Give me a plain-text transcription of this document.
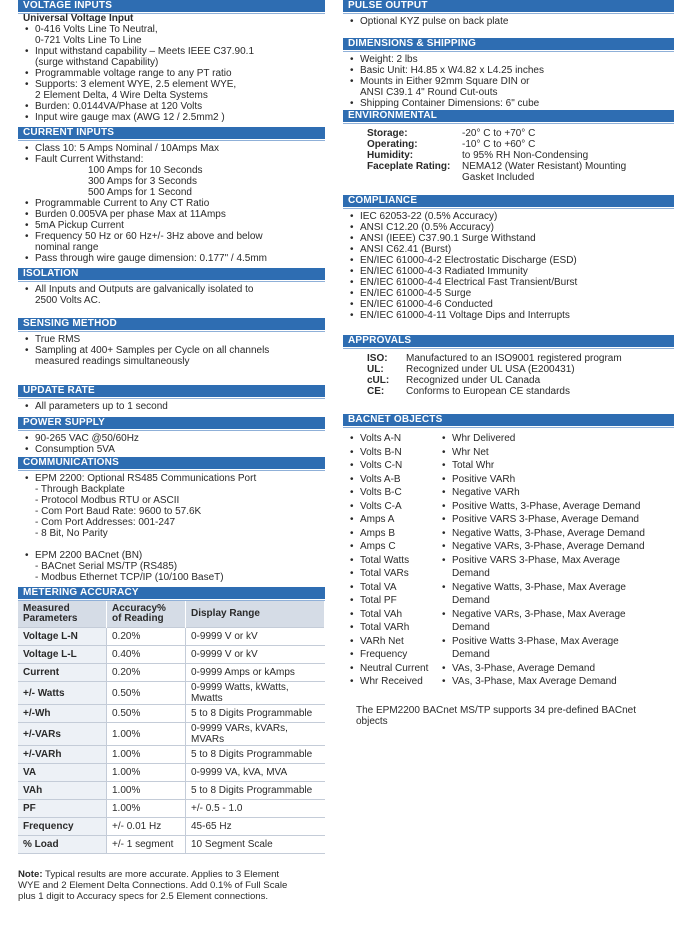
VOLTAGE INPUTS
Universal Voltage Input
• 0-416 Volts Line To Neutral,
0-721 Volts Line To Line
• Input withstand capability – Meets IEEE C37.90.1
(surge withstand Capability)
• Programmable voltage range to any PT ratio
• Supports: 3 element WYE, 2.5 element WYE,
2 Element Delta, 4 Wire Delta Systems
• Burden: 0.0144VA/Phase at 120 Volts
• Input wire gauge max (AWG 12 / 2.5mm2 )
CURRENT INPUTS
• Class 10: 5 Amps Nominal / 10Amps Max
• Fault Current Withstand:
100 Amps for 10 Seconds
300 Amps for 3 Seconds
500 Amps for 1 Second
• Programmable Current to Any CT Ratio
• Burden 0.005VA per phase Max at 11Amps
• 5mA Pickup Current
• Frequency 50 Hz or 60 Hz+/- 3Hz above and below
nominal range
• Pass through wire gauge dimension: 0.177" / 4.5mm
ISOLATION
• All Inputs and Outputs are galvanically isolated to
2500 Volts AC.
SENSING METHOD
• True RMS
• Sampling at 400+ Samples per Cycle on all channels
measured readings simultaneously
UPDATE RATE
• All parameters up to 1 second
POWER SUPPLY
• 90-265 VAC @50/60Hz
• Consumption 5VA
COMMUNICATIONS
• EPM 2200: Optional RS485 Communications Port
- Through Backplate
- Protocol Modbus RTU or ASCII
- Com Port Baud Rate: 9600 to 57.6K
- Com Port Addresses: 001-247
- 8 Bit, No Parity
• EPM 2200 BACnet (BN)
- BACnet Serial MS/TP (RS485)
- Modbus Ethernet TCP/IP (10/100 BaseT)
METERING ACCURACY
Measured
Parameters	Accuracy%
of Reading	Display Range
Voltage L-N	0.20%	0-9999 V or kV
Voltage L-L	0.40%	0-9999 V or kV
Current	0.20%	0-9999 Amps or kAmps
+/- Watts	0.50%	0-9999 Watts, kWatts, Mwatts
+/-Wh	0.50%	5 to 8 Digits Programmable
+/-VARs	1.00%	0-9999 VARs, kVARs, MVARs
+/-VARh	1.00%	5 to 8 Digits Programmable
VA	1.00%	0-9999 VA, kVA, MVA
VAh	1.00%	5 to 8 Digits Programmable
PF	1.00%	+/- 0.5 - 1.0
Frequency	+/- 0.01 Hz	45-65 Hz
% Load	+/- 1 segment	10 Segment Scale
Note: Typical results are more accurate. Applies to 3 Element
WYE and 2 Element Delta Connections. Add 0.1% of Full Scale
plus 1 digit to Accuracy specs for 2.5 Element connections.
PULSE OUTPUT
• Optional KYZ pulse on back plate
DIMENSIONS & SHIPPING
• Weight: 2 lbs
• Basic Unit: H4.85 x W4.82 x L4.25 inches
• Mounts in Either 92mm Square DIN or
ANSI C39.1 4" Round Cut-outs
• Shipping Container Dimensions: 6" cube
ENVIRONMENTAL
Storage:	-20° C to +70° C
Operating:	-10° C to +60° C
Humidity:	to 95% RH Non-Condensing
Faceplate Rating:	NEMA12 (Water Resistant) Mounting
Gasket Included
COMPLIANCE
• IEC 62053-22 (0.5% Accuracy)
• ANSI C12.20 (0.5% Accuracy)
• ANSI (IEEE) C37.90.1 Surge Withstand
• ANSI C62.41 (Burst)
• EN/IEC 61000-4-2 Electrostatic Discharge (ESD)
• EN/IEC 61000-4-3 Radiated Immunity
• EN/IEC 61000-4-4 Electrical Fast Transient/Burst
• EN/IEC 61000-4-5 Surge
• EN/IEC 61000-4-6 Conducted
• EN/IEC 61000-4-11 Voltage Dips and Interrupts
APPROVALS
ISO:	Manufactured to an ISO9001 registered program
UL:	Recognized under UL USA (E200431)
cUL:	Recognized under UL Canada
CE:	Conforms to European CE standards
BACNET OBJECTS
• Volts A-N
• Volts B-N
• Volts C-N
• Volts A-B
• Volts B-C
• Volts C-A
• Amps A
• Amps B
• Amps C
• Total Watts
• Total VARs
• Total VA
• Total PF
• Total VAh
• Total VARh
• VARh Net
• Frequency
• Neutral Current
• Whr Received
• Whr Delivered
• Whr Net
• Total Whr
• Positive VARh
• Negative VARh
• Positive Watts, 3-Phase, Average Demand
• Positive VARS 3-Phase, Average Demand
• Negative Watts, 3-Phase, Average Demand
• Negative VARs, 3-Phase, Average Demand
• Positive VARS 3-Phase, Max Average
Demand
• Negative Watts, 3-Phase, Max Average
Demand
• Negative VARs, 3-Phase, Max Average
Demand
• Positive Watts 3-Phase, Max Average
Demand
• VAs, 3-Phase, Average Demand
• VAs, 3-Phase, Max Average Demand
The EPM2200 BACnet MS/TP supports 34 pre-defined BACnet
objects
